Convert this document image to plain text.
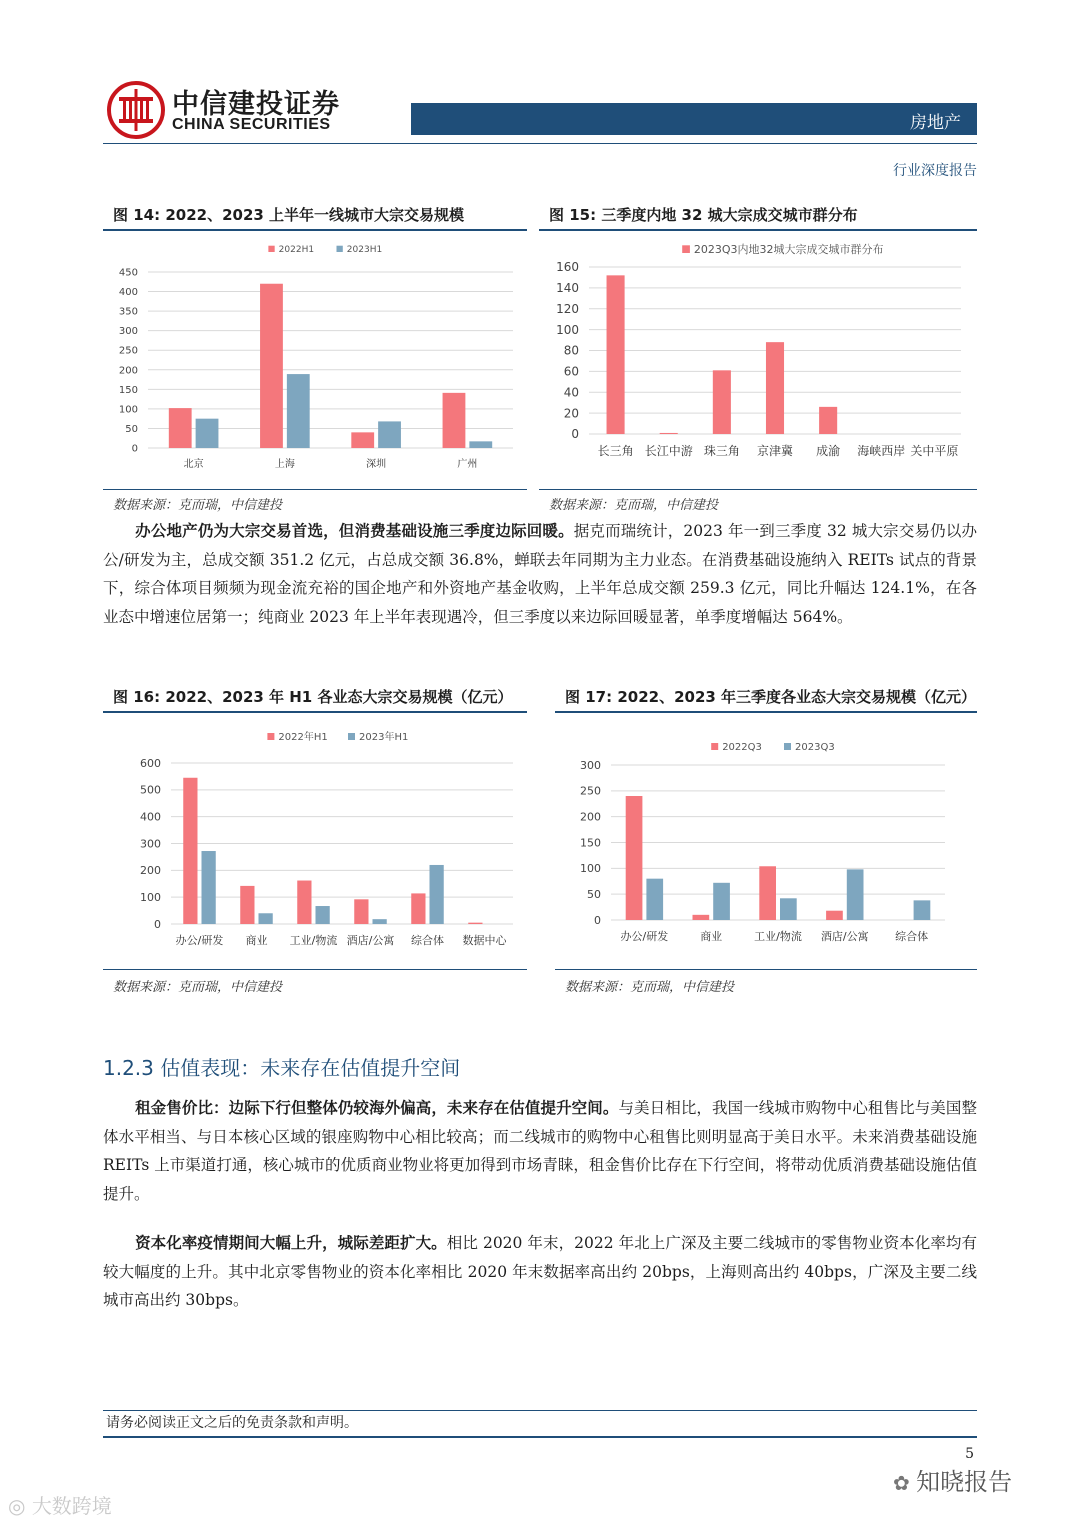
中信建投证券
CHINA SECURITIES	房地产
行业深度报告
图 14: 2022、2023 上半年一线城市大宗交易规模	图 15: 三季度内地 32 城大宗成交城市群分布
0
50
100
150
200
250
300
350
400
450
北京	上海	深圳	广州
2022H1	2023H1
0
20
40
60
80
100
120
140
160
长三角 长江中游 珠三角 京津冀 成渝 海峡西岸 关中平原
2023Q3内地32城大宗成交城市群分布
数据来源：克而瑞，中信建投	数据来源：克而瑞，中信建投
办公地产仍为大宗交易首选，但消费基础设施三季度边际回暖。据克而瑞统计，2023 年一到三季度 32 城大宗交易仍以办公/研发为主，总成交额 351.2 亿元，占总成交额 36.8%，蝉联去年同期为主力业态。在消费基础设施纳入 REITs 试点的背景下，综合体项目频频为现金流充裕的国企地产和外资地产基金收购，上半年总成交额 259.3 亿元，同比升幅达 124.1%，在各业态中增速位居第一；纯商业 2023 年上半年表现遇冷，但三季度以来边际回暖显著，单季度增幅达 564%。
图 16: 2022、2023 年 H1 各业态大宗交易规模（亿元）	图 17: 2022、2023 年三季度各业态大宗交易规模（亿元）
0
100
200
300
400
500
600
办公/研发 商业 工业/物流 酒店/公寓 综合体 数据中心
2022年H1	2023年H1
0
50
100
150
200
250
300
办公/研发	商业	工业/物流 酒店/公寓 综合体
2022Q3	2023Q3
数据来源：克而瑞，中信建投	数据来源：克而瑞，中信建投
1.2.3 估值表现：未来存在估值提升空间
租金售价比：边际下行但整体仍较海外偏高，未来存在估值提升空间。与美日相比，我国一线城市购物中心租售比与美国整体水平相当、与日本核心区域的银座购物中心相比较高；而二线城市的购物中心租售比则明显高于美日水平。未来消费基础设施 REITs 上市渠道打通，核心城市的优质商业物业将更加得到市场青睐，租金售价比存在下行空间，将带动优质消费基础设施估值提升。
资本化率疫情期间大幅上升，城际差距扩大。相比 2020 年末，2022 年北上广深及主要二线城市的零售物业资本化率均有较大幅度的上升。其中北京零售物业的资本化率相比 2020 年末数据率高出约 20bps，上海则高出约 40bps，广深及主要二线城市高出约 30bps。
请务必阅读正文之后的免责条款和声明。
5
✿ 知晓报告
◎ 大数跨境
